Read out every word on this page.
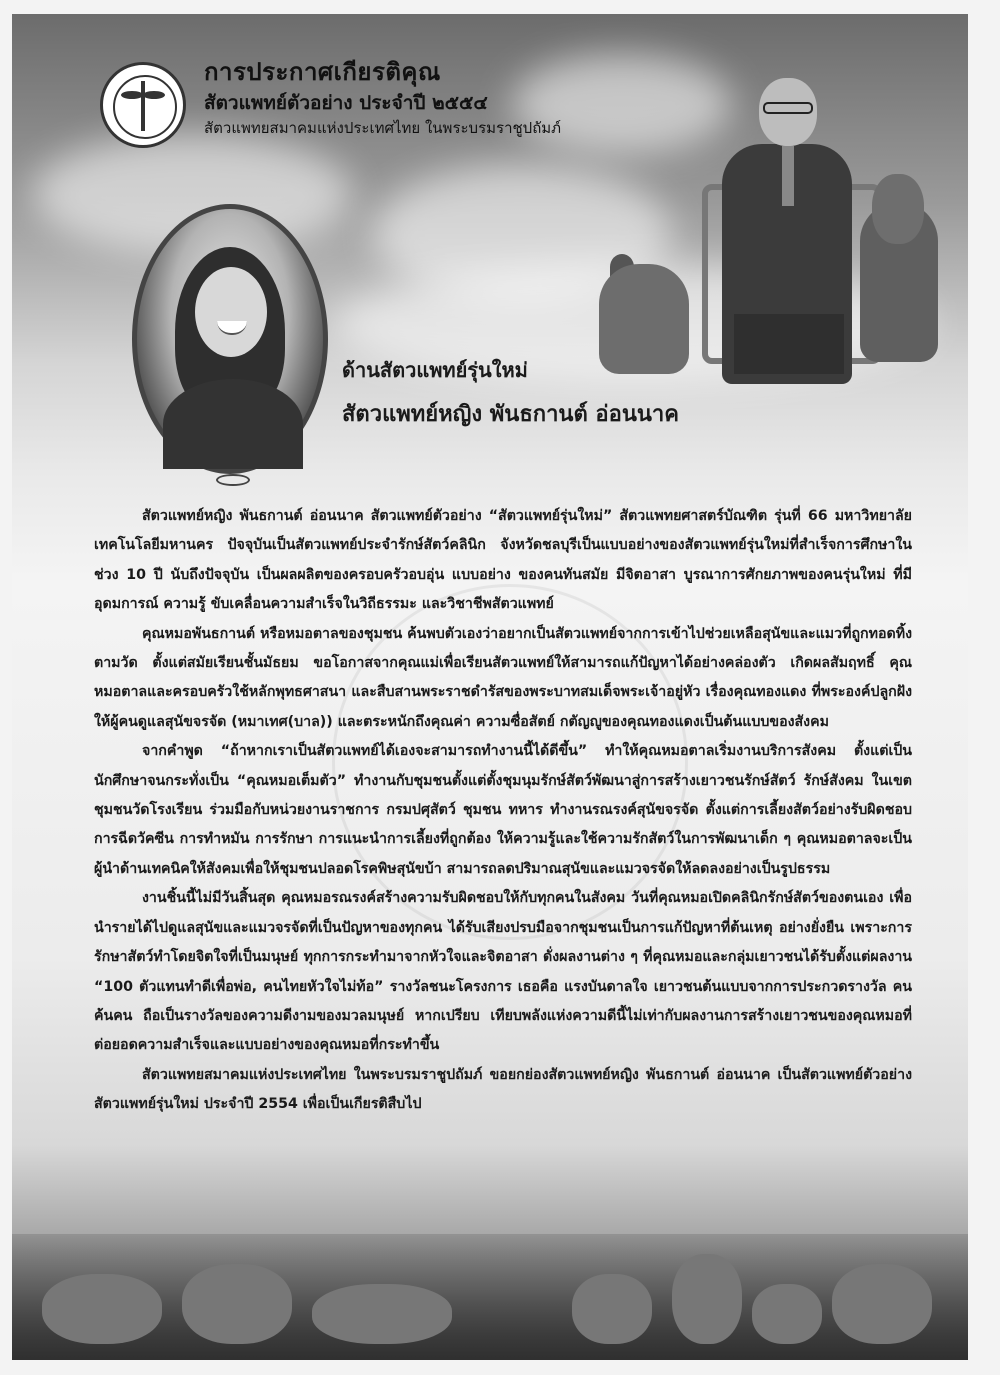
การประกาศเกียรติคุณ
สัตวแพทย์ตัวอย่าง ประจำปี ๒๕๕๔
สัตวแพทยสมาคมแห่งประเทศไทย ในพระบรมราชูปถัมภ์
ด้านสัตวแพทย์รุ่นใหม่
สัตวแพทย์หญิง พันธกานต์ อ่อนนาค

สัตวแพทย์หญิง พันธกานต์ อ่อนนาค สัตวแพทย์ตัวอย่าง “สัตวแพทย์รุ่นใหม่” สัตวแพทยศาสตร์บัณฑิต รุ่นที่ 66 มหาวิทยาลัยเทคโนโลยีมหานคร ปัจจุบันเป็นสัตวแพทย์ประจำรักษ์สัตว์คลินิก จังหวัดชลบุรีเป็นแบบอย่างของสัตวแพทย์รุ่นใหม่ที่สำเร็จการศึกษาในช่วง 10 ปี นับถึงปัจจุบัน เป็นผลผลิตของครอบครัวอบอุ่น แบบอย่าง ของคนทันสมัย มีจิตอาสา บูรณาการศักยภาพของคนรุ่นใหม่ ที่มีอุดมการณ์ ความรู้ ขับเคลื่อนความสำเร็จในวิถีธรรมะ และวิชาชีพสัตวแพทย์

คุณหมอพันธกานต์ หรือหมอตาลของชุมชน ค้นพบตัวเองว่าอยากเป็นสัตวแพทย์จากการเข้าไปช่วยเหลือสุนัขและแมวที่ถูกทอดทิ้งตามวัด ตั้งแต่สมัยเรียนชั้นมัธยม ขอโอกาสจากคุณแม่เพื่อเรียนสัตวแพทย์ให้สามารถแก้ปัญหาได้อย่างคล่องตัว เกิดผลสัมฤทธิ์ คุณหมอตาลและครอบครัวใช้หลักพุทธศาสนา และสืบสานพระราชดำรัสของพระบาทสมเด็จพระเจ้าอยู่หัว เรื่องคุณทองแดง ที่พระองค์ปลูกฝังให้ผู้คนดูแลสุนัขจรจัด (หมาเทศ(บาล)) และตระหนักถึงคุณค่า ความซื่อสัตย์ กตัญญูของคุณทองแดงเป็นต้นแบบของสังคม

จากคำพูด “ถ้าหากเราเป็นสัตวแพทย์ได้เองจะสามารถทำงานนี้ได้ดีขึ้น” ทำให้คุณหมอตาลเริ่มงานบริการสังคม ตั้งแต่เป็นนักศึกษาจนกระทั่งเป็น “คุณหมอเต็มตัว” ทำงานกับชุมชนตั้งแต่ตั้งชุมนุมรักษ์สัตว์พัฒนาสู่การสร้างเยาวชนรักษ์สัตว์ รักษ์สังคม ในเขตชุมชนวัดโรงเรียน ร่วมมือกับหน่วยงานราชการ กรมปศุสัตว์ ชุมชน ทหาร ทำงานรณรงค์สุนัขจรจัด ตั้งแต่การเลี้ยงสัตว์อย่างรับผิดชอบ การฉีดวัคซีน การทำหมัน การรักษา การแนะนำการเลี้ยงที่ถูกต้อง ให้ความรู้และใช้ความรักสัตว์ในการพัฒนาเด็ก ๆ คุณหมอตาลจะเป็นผู้นำด้านเทคนิคให้สังคมเพื่อให้ชุมชนปลอดโรคพิษสุนัขบ้า สามารถลดปริมาณสุนัขและแมวจรจัดให้ลดลงอย่างเป็นรูปธรรม

งานชิ้นนี้ไม่มีวันสิ้นสุด คุณหมอรณรงค์สร้างความรับผิดชอบให้กับทุกคนในสังคม วันที่คุณหมอเปิดคลินิกรักษ์สัตว์ของตนเอง เพื่อนำรายได้ไปดูแลสุนัขและแมวจรจัดที่เป็นปัญหาของทุกคน ได้รับเสียงปรบมือจากชุมชนเป็นการแก้ปัญหาที่ต้นเหตุ อย่างยั่งยืน เพราะการรักษาสัตว์ทำโดยจิตใจที่เป็นมนุษย์ ทุกการกระทำมาจากหัวใจและจิตอาสา ดั่งผลงานต่าง ๆ ที่คุณหมอและกลุ่มเยาวชนได้รับตั้งแต่ผลงาน “100 ตัวแทนทำดีเพื่อพ่อ, คนไทยหัวใจไม่ท้อ” รางวัลชนะโครงการ เธอคือ แรงบันดาลใจ เยาวชนต้นแบบจากการประกวดรางวัล คนค้นคน ถือเป็นรางวัลของความดีงามของมวลมนุษย์ หากเปรียบ เทียบพลังแห่งความดีนี้ไม่เท่ากับผลงานการสร้างเยาวชนของคุณหมอที่ต่อยอดความสำเร็จและแบบอย่างของคุณหมอที่กระทำขึ้น

สัตวแพทยสมาคมแห่งประเทศไทย ในพระบรมราชูปถัมภ์ ขอยกย่องสัตวแพทย์หญิง พันธกานต์ อ่อนนาค เป็นสัตวแพทย์ตัวอย่าง สัตวแพทย์รุ่นใหม่ ประจำปี 2554 เพื่อเป็นเกียรติสืบไป
